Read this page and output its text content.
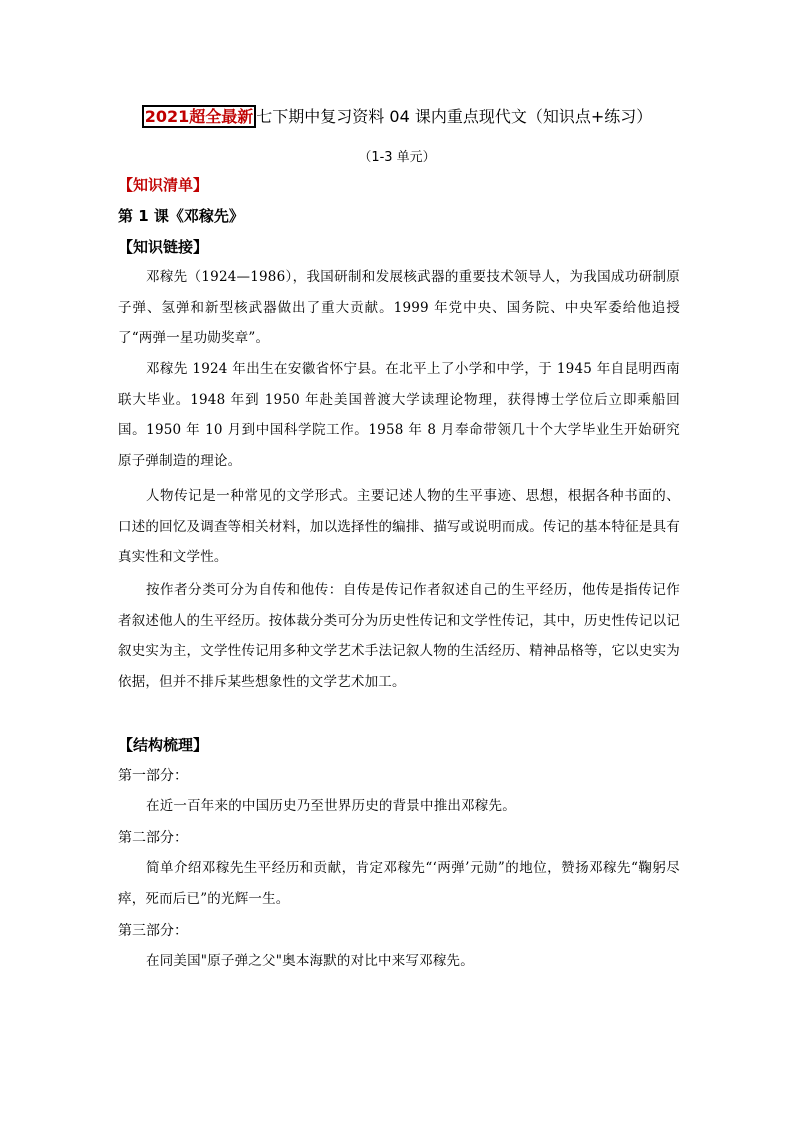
2021超全最新 七下期中复习资料 04 课内重点现代文（知识点+练习）
（1-3 单元）
【知识清单】
第 1 课《邓稼先》
【知识链接】

邓稼先（1924—1986），我国研制和发展核武器的重要技术领导人，为我国成功研制原子弹、氢弹和新型核武器做出了重大贡献。1999 年党中央、国务院、中央军委给他追授了“两弹一星功勋奖章”。

邓稼先 1924 年出生在安徽省怀宁县。在北平上了小学和中学，于 1945 年自昆明西南联大毕业。1948 年到 1950 年赴美国普渡大学读理论物理，获得博士学位后立即乘船回国。1950 年 10 月到中国科学院工作。1958 年 8 月奉命带领几十个大学毕业生开始研究原子弹制造的理论。

人物传记是一种常见的文学形式。主要记述人物的生平事迹、思想，根据各种书面的、口述的回忆及调查等相关材料，加以选择性的编排、描写或说明而成。传记的基本特征是具有真实性和文学性。

按作者分类可分为自传和他传：自传是传记作者叙述自己的生平经历，他传是指传记作者叙述他人的生平经历。按体裁分类可分为历史性传记和文学性传记，其中，历史性传记以记叙史实为主，文学性传记用多种文学艺术手法记叙人物的生活经历、精神品格等，它以史实为依据，但并不排斥某些想象性的文学艺术加工。

【结构梳理】
第一部分：

在近一百年来的中国历史乃至世界历史的背景中推出邓稼先。

第二部分：

简单介绍邓稼先生平经历和贡献，肯定邓稼先“‘两弹’元勋”的地位，赞扬邓稼先“鞠躬尽瘁，死而后已”的光辉一生。

第三部分：

在同美国"原子弹之父"奥本海默的对比中来写邓稼先。
